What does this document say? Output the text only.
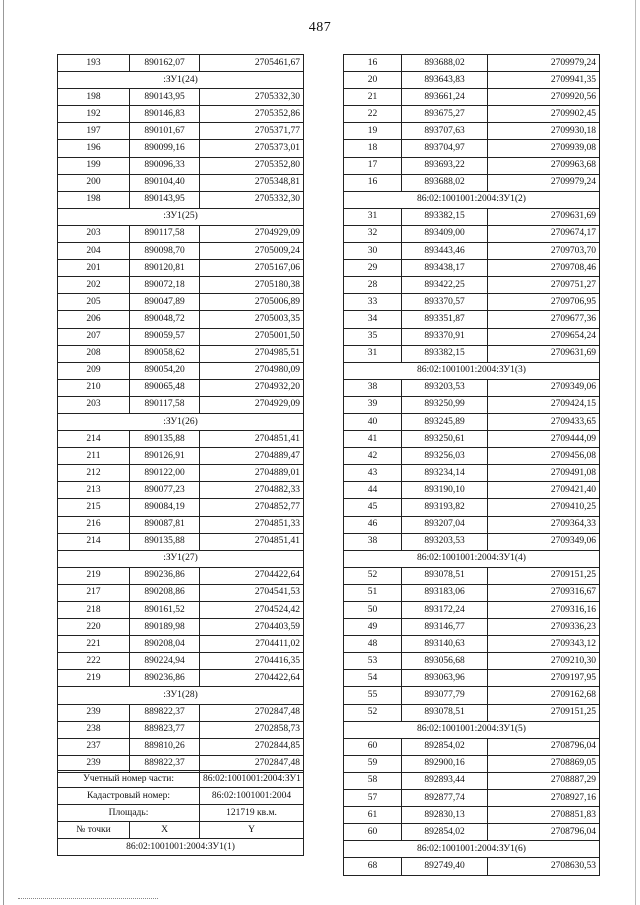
487
193	890162,07	2705461,67
:ЗУ1(24)		
198	890143,95	2705332,30
192	890146,83	2705352,86
197	890101,67	2705371,77
196	890099,16	2705373,01
199	890096,33	2705352,80
200	890104,40	2705348,81
198	890143,95	2705332,30
:ЗУ1(25)		
203	890117,58	2704929,09
204	890098,70	2705009,24
201	890120,81	2705167,06
202	890072,18	2705180,38
205	890047,89	2705006,89
206	890048,72	2705003,35
207	890059,57	2705001,50
208	890058,62	2704985,51
209	890054,20	2704980,09
210	890065,48	2704932,20
203	890117,58	2704929,09
:ЗУ1(26)		
214	890135,88	2704851,41
211	890126,91	2704889,47
212	890122,00	2704889,01
213	890077,23	2704882,33
215	890084,19	2704852,77
216	890087,81	2704851,33
214	890135,88	2704851,41
:ЗУ1(27)		
219	890236,86	2704422,64
217	890208,86	2704541,53
218	890161,52	2704524,42
220	890189,98	2704403,59
221	890208,04	2704411,02
222	890224,94	2704416,35
219	890236,86	2704422,64
:ЗУ1(28)		
239	889822,37	2702847,48
238	889823,77	2702858,73
237	889810,26	2702844,85
239	889822,37	2702847,48
16	893688,02	2709979,24
20	893643,83	2709941,35
21	893661,24	2709920,56
22	893675,27	2709902,45
19	893707,63	2709930,18
18	893704,97	2709939,08
17	893693,22	2709963,68
16	893688,02	2709979,24
86:02:1001001:2004:ЗУ1(2)		
31	893382,15	2709631,69
32	893409,00	2709674,17
30	893443,46	2709703,70
29	893438,17	2709708,46
28	893422,25	2709751,27
33	893370,57	2709706,95
34	893351,87	2709677,36
35	893370,91	2709654,24
31	893382,15	2709631,69
86:02:1001001:2004:ЗУ1(3)		
38	893203,53	2709349,06
39	893250,99	2709424,15
40	893245,89	2709433,65
41	893250,61	2709444,09
42	893256,03	2709456,08
43	893234,14	2709491,08
44	893190,10	2709421,40
45	893193,82	2709410,25
46	893207,04	2709364,33
38	893203,53	2709349,06
86:02:1001001:2004:ЗУ1(4)		
52	893078,51	2709151,25
51	893183,06	2709316,67
50	893172,24	2709316,16
49	893146,77	2709336,23
48	893140,63	2709343,12
53	893056,68	2709210,30
54	893063,96	2709197,95
55	893077,79	2709162,68
52	893078,51	2709151,25
86:02:1001001:2004:ЗУ1(5)		
60	892854,02	2708796,04
59	892900,16	2708869,05
58	892893,44	2708887,29
57	892877,74	2708927,16
61	892830,13	2708851,83
60	892854,02	2708796,04
86:02:1001001:2004:ЗУ1(6)		
68	892749,40	2708630,53
Учетный номер части:		86:02:1001001:2004:ЗУ1
Кадастровый номер:		86:02:1001001:2004
Площадь:		121719 кв.м.
№ точки	X	Y
86:02:1001001:2004:ЗУ1(1)		
